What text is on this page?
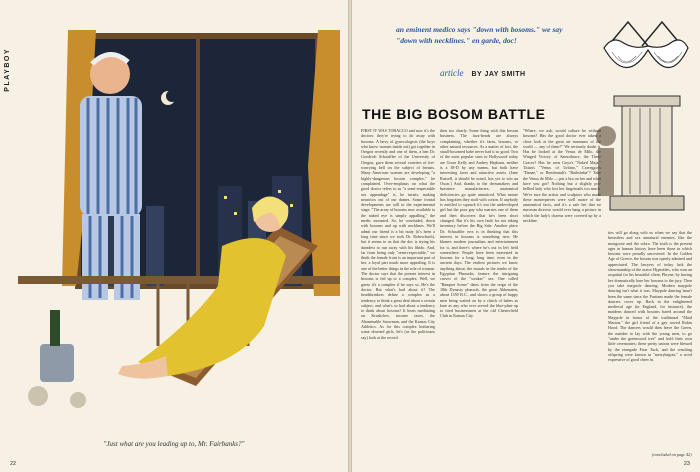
PLAYBOY
"Just what are you leading up to, Mr. Fairbanks?"
22
an eminent medico says "down with bosoms." we say "down with necklines." en garde, doc!
article BY JAY SMITH
THE BIG BOSOM BATTLE

FIRST IT WAS TOBACCO and now it's the doctors: they're trying to do away with bosoms. A bevy of gynecologists (the boys who know women inside out) got together in Oregon recently and one of them, a hen Dr. Goodrich Schauffler of the University of Oregon, gave them several varieties of fret-worrying hell on the subject of breasts. Many American women are developing "a highly-dangerous bosom complex," he complained. Over-emphasis on what the good doctor refers to as "a semi-respectable sex appendage" is, he insists, making neurotics out of our dames. Some frontal developments are still in the experimental stage. "The array of bosoms now available to the naked eye is simply appalling," the medic mourned. So, he concluded, down with bosoms and up with necklines. We'll admit our friend is a bit nutty (it's been a long time since we took Dr. Rohrschach), but it seems to us that the doc is trying his darndest to run away with his libido. And, far from being only "semi-respectable," we think the female front is an important part of her, a loyal part much more appealing. It is one of the better things in the role of woman. The doctor says that the present interest in bosoms is fed up to a complex. Well, we guess it's a complex if he says so. He's the doctor. But what's bad about it? The headshrinkers define a complex as a tendency to think a great deal about a certain subject, and what's so bad about a tendency to think about bosoms? It beats meditating on Krushchev, income taxes, the Abominable Snowman, and the Kansas City Athletics. As for this complex bothering some downed girls, let's (as the politicians say) look at the record.

then too clearly. Some thing with this bosom business. The fuzz-heads are always complaining, whether it's farm, bosoms, or other natural resources. As a matter of fact, the small-bosomed babe never had it so good. Two of the most popular stars in Hollywood today are Grace Kelly and Audrey Hepburn, neither is a 38-D by any means, but both have interesting faces and attractive assets. (Jane Russell, it should be noted, has yet to win an Oscar.) And, thanks to the dressmakers and brassiere manufacturers, anatomical deficiencies go quite unnoticed. What nature has forgotten they stuff with cotton. If anybody is entitled to squawk it's not the undeveloped girl but the poor guy who marries one of them and then discovers that he's been short changed. But it's his own fault for not taking inventory before the Big Sale. Another place Dr. Schauffler errs is in thinking that this interest in bosoms is something new. He blames modern journalism and entertainment for it, and there's where he's out in left field somewhere. People have been interested in bosoms for a long, long time, even in the ancient days. The earliest pictures we know anything about, the murals in the tombs of the Egyptian Pharaohs, feature the intriguing curves of the "weaker" sex. One called "Banquet Scene" dates from the reign of the 18th Dynasty pharaoh, the great Akhenaten, about 1350 B.C., and shows a group of happy men being waited on by a clutch of babes as bare as any who ever served the blue-plate up to tired businessmen at the old Chesterfield Club in Kansas City.

"Where, we ask, would culture be without bosoms? Has the good doctor ever taken a close look at the great art museums of the world — any of them?" We seriously doubt it. Has he looked at the Venus de Milo, the Winged Victory of Samothrace, the Three Graces? Has he seen Goya's "Naked Maja," Titian's "Venus of Urbino," Correggio's "Danae," or Rembrandt's "Bathsheba"? Take the Venus de Milo — put a bra on her and what have you got? Nothing but a slightly pot-bellied lady who lost her fingernails too much. We're sure the artists and sculptors who made these masterpieces were well aware of the anatomical facts, and it's a safe bet that no museum director would ever hang a picture in which the lady's charms were covered up by a neckline.

ties will go along with us when we say that the breastless and sex unnatural enemies, like the mongoose and the cobra. The truth is the present ages in human history have been those in which bosoms were proudly uncovered. In the Golden Age of Greece, the bosom was openly admired and appreciated. The lawyers of today lack the showmanship of the orator Hyperides, who won an acquittal for his beautiful client, Phryne, by having her dramatically bare her bosoms to the jury. Then you take maypole dancing. Modern maypole dancing isn't what it was. Maypole dancing hasn't been the same since the Puritans made the female dancers cover up. Back in the enlightened medieval age (in England, for instance), the maidens danced with bosoms bared around the Maypole in honor of the traditional "Maid Marion," the girl friend of a gay rowed Robin Hood. The dancers would then leave the Green, the maiden to lay with the young men, to go "under the greenwood tree" and hold their own little ceremonies; these pretty unions were blessed by the renegade Friar Tuck, and the resulting offspring were known as "merrybegots," a word expressive of good cheer in.

(concluded on page 42)
23
